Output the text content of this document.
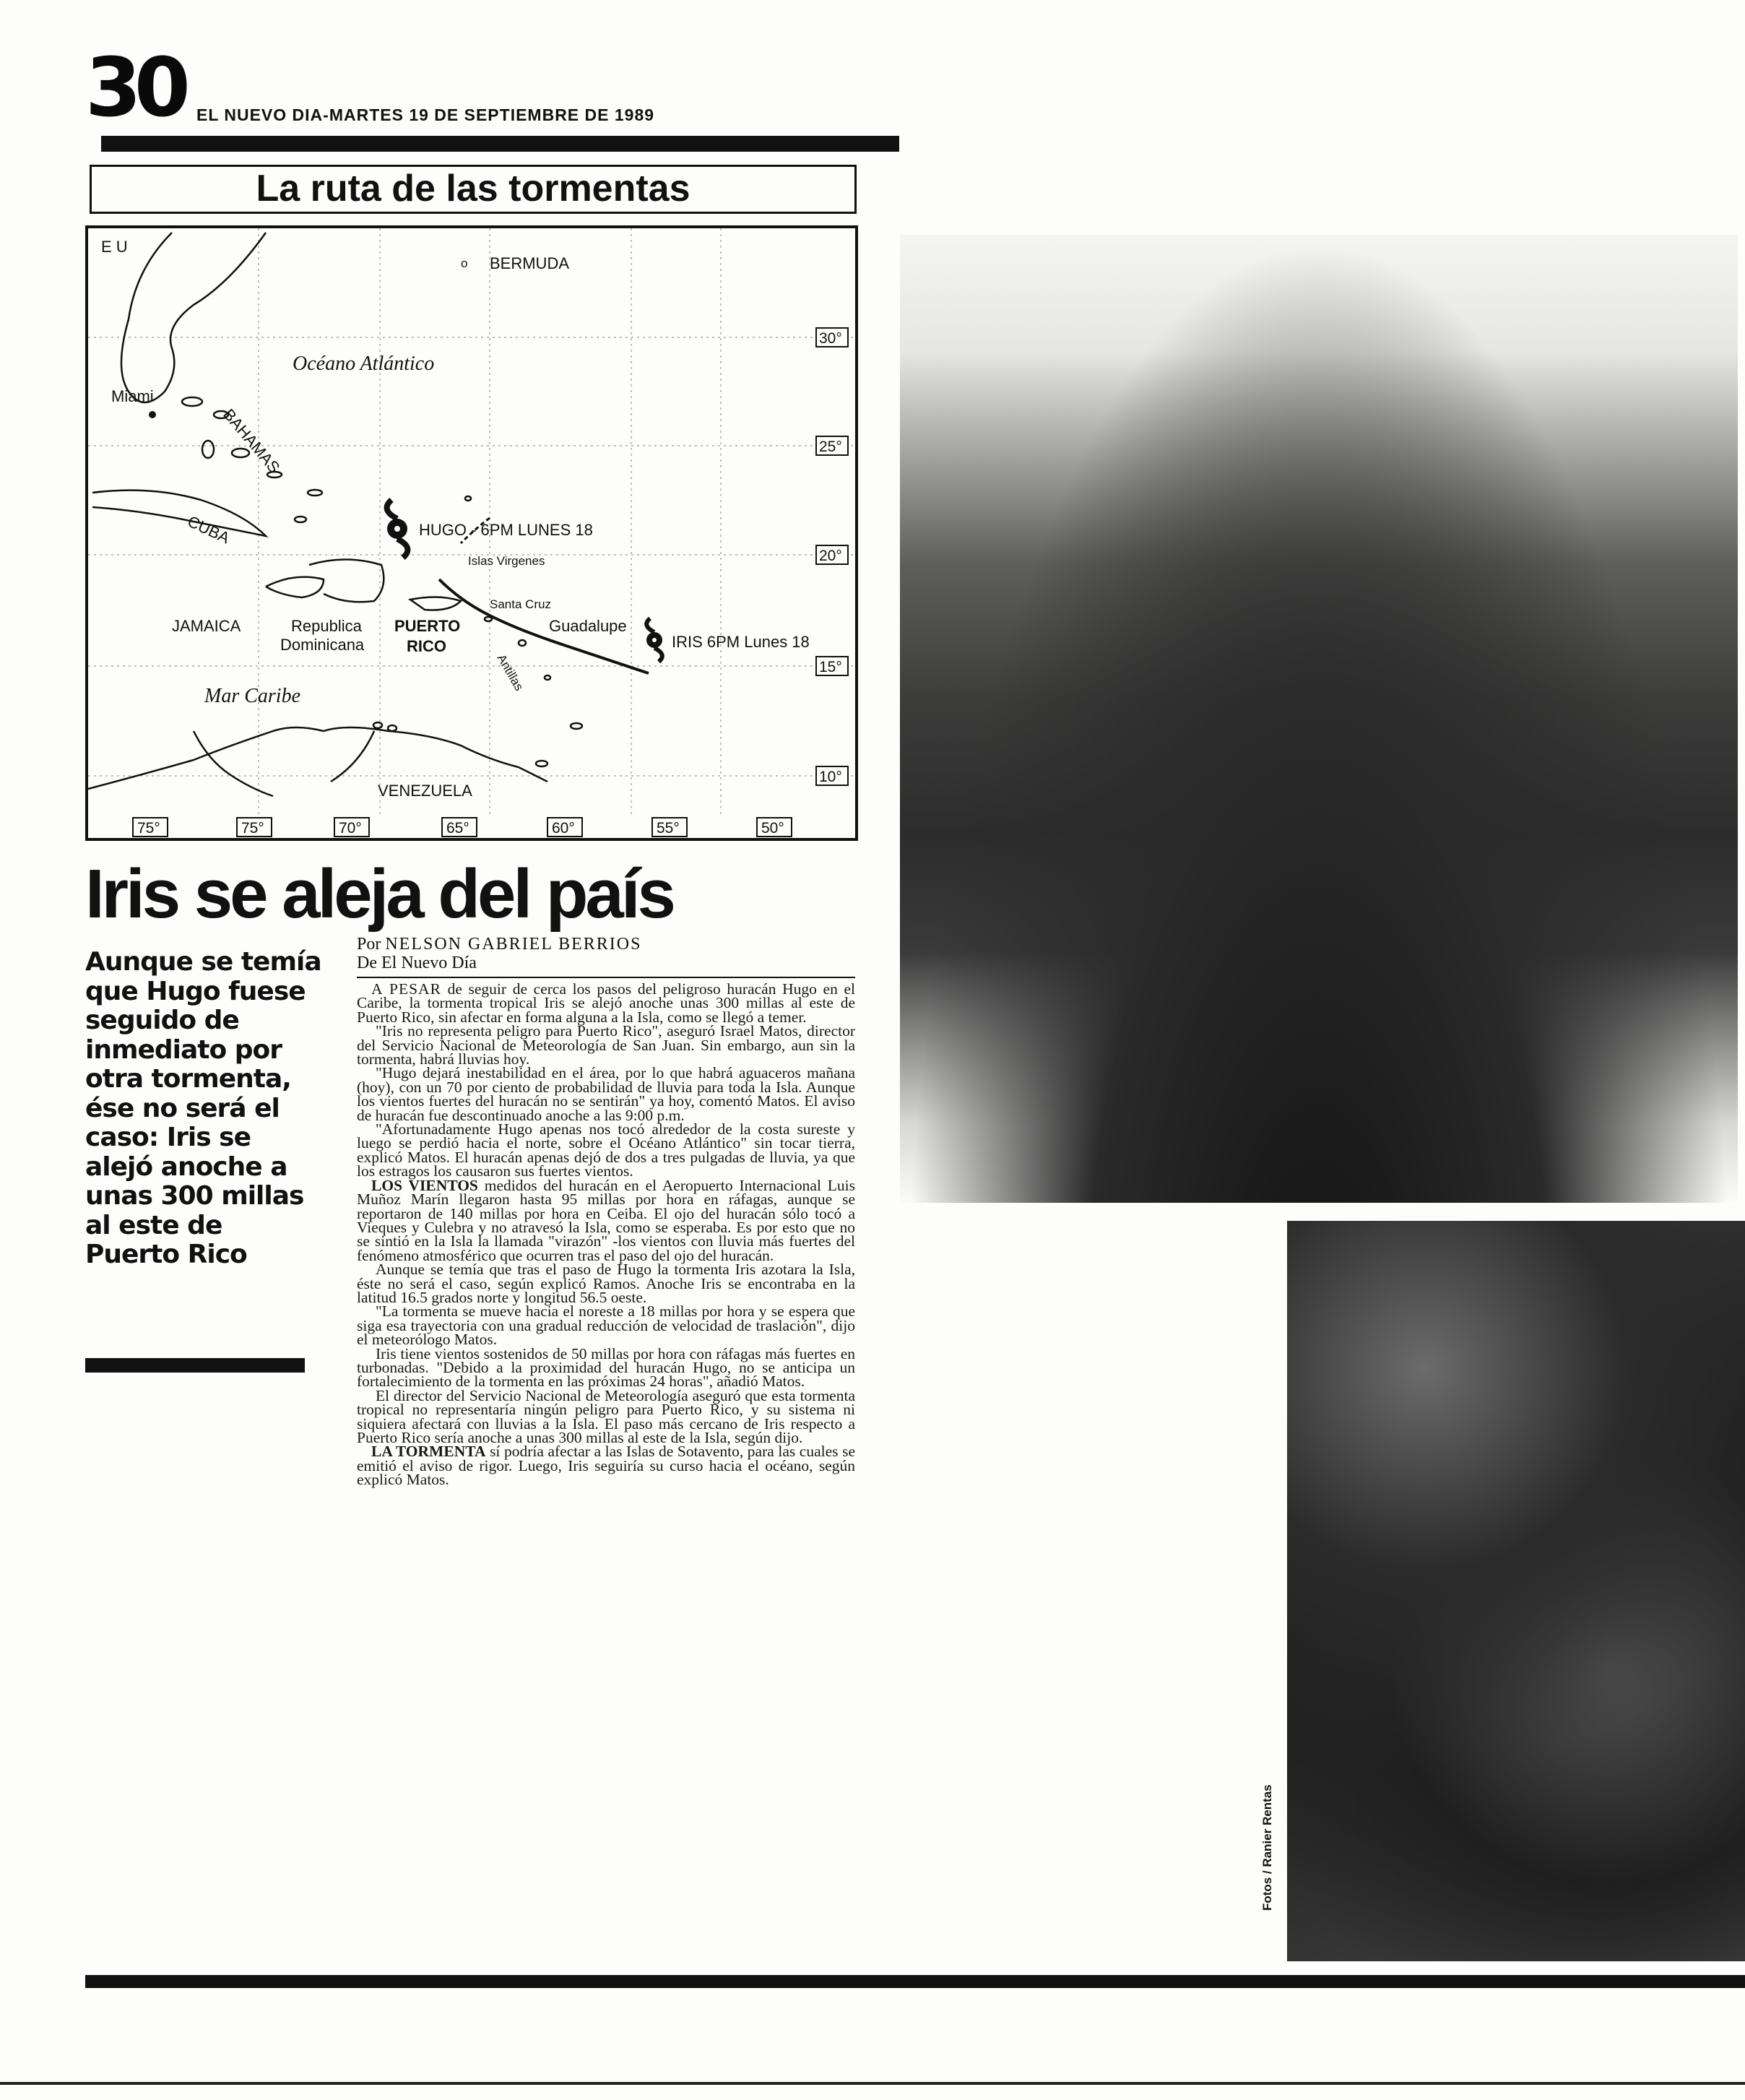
30 EL NUEVO DIA-MARTES 19 DE SEPTIEMBRE DE 1989
La ruta de las tormentas
E U
o BERMUDA
Océano Atlántico
Miami
BAHAMAS
CUBA
JAMAICA	Republica
Dominicana
PUERTO
RICO
HUGO - 6PM LUNES 18
Islas Virgenes
Santa Cruz
Guadalupe
IRIS 6PM Lunes 18
Antillas
Mar Caribe
VENEZUELA
30°
25°
20°
15°
10°
75°	75°	70°	65°	60°	55°	50°
Iris se aleja del país
Aunque se temía que Hugo fuese seguido de inmediato por otra tormenta, ése no será el caso: Iris se alejó anoche a unas 300 millas al este de Puerto Rico
Por NELSON GABRIEL BERRIOS
De El Nuevo Día

A PESAR de seguir de cerca los pasos del peligroso huracán Hugo en el Caribe, la tormenta tropical Iris se alejó anoche unas 300 millas al este de Puerto Rico, sin afectar en forma alguna a la Isla, como se llegó a temer.

"Iris no representa peligro para Puerto Rico", aseguró Israel Matos, director del Servicio Nacional de Meteorología de San Juan. Sin embargo, aun sin la tormenta, habrá lluvias hoy.

"Hugo dejará inestabilidad en el área, por lo que habrá aguaceros mañana (hoy), con un 70 por ciento de probabilidad de lluvia para toda la Isla. Aunque los vientos fuertes del huracán no se sentirán" ya hoy, comentó Matos. El aviso de huracán fue descontinuado anoche a las 9:00 p.m.

"Afortunadamente Hugo apenas nos tocó alrededor de la costa sureste y luego se perdió hacia el norte, sobre el Océano Atlántico" sin tocar tierra, explicó Matos. El huracán apenas dejó de dos a tres pulgadas de lluvia, ya que los estragos los causaron sus fuertes vientos.

LOS VIENTOS medidos del huracán en el Aeropuerto Internacional Luis Muñoz Marín llegaron hasta 95 millas por hora en ráfagas, aunque se reportaron de 140 millas por hora en Ceiba. El ojo del huracán sólo tocó a Vieques y Culebra y no atravesó la Isla, como se esperaba. Es por esto que no se sintió en la Isla la llamada "virazón" -los vientos con lluvia más fuertes del fenómeno atmosférico que ocurren tras el paso del ojo del huracán.

Aunque se temía que tras el paso de Hugo la tormenta Iris azotara la Isla, éste no será el caso, según explicó Ramos. Anoche Iris se encontraba en la latitud 16.5 grados norte y longitud 56.5 oeste.

"La tormenta se mueve hacia el noreste a 18 millas por hora y se espera que siga esa trayectoria con una gradual reducción de velocidad de traslación", dijo el meteorólogo Matos.

Iris tiene vientos sostenidos de 50 millas por hora con ráfagas más fuertes en turbonadas. "Debido a la proximidad del huracán Hugo, no se anticipa un fortalecimiento de la tormenta en las próximas 24 horas", añadió Matos.

El director del Servicio Nacional de Meteorología aseguró que esta tormenta tropical no representaría ningún peligro para Puerto Rico, y su sistema ni siquiera afectará con lluvias a la Isla. El paso más cercano de Iris respecto a Puerto Rico sería anoche a unas 300 millas al este de la Isla, según dijo.

LA TORMENTA sí podría afectar a las Islas de Sotavento, para las cuales se emitió el aviso de rigor. Luego, Iris seguiría su curso hacia el océano, según explicó Matos.

Fotos / Ranier Rentas
